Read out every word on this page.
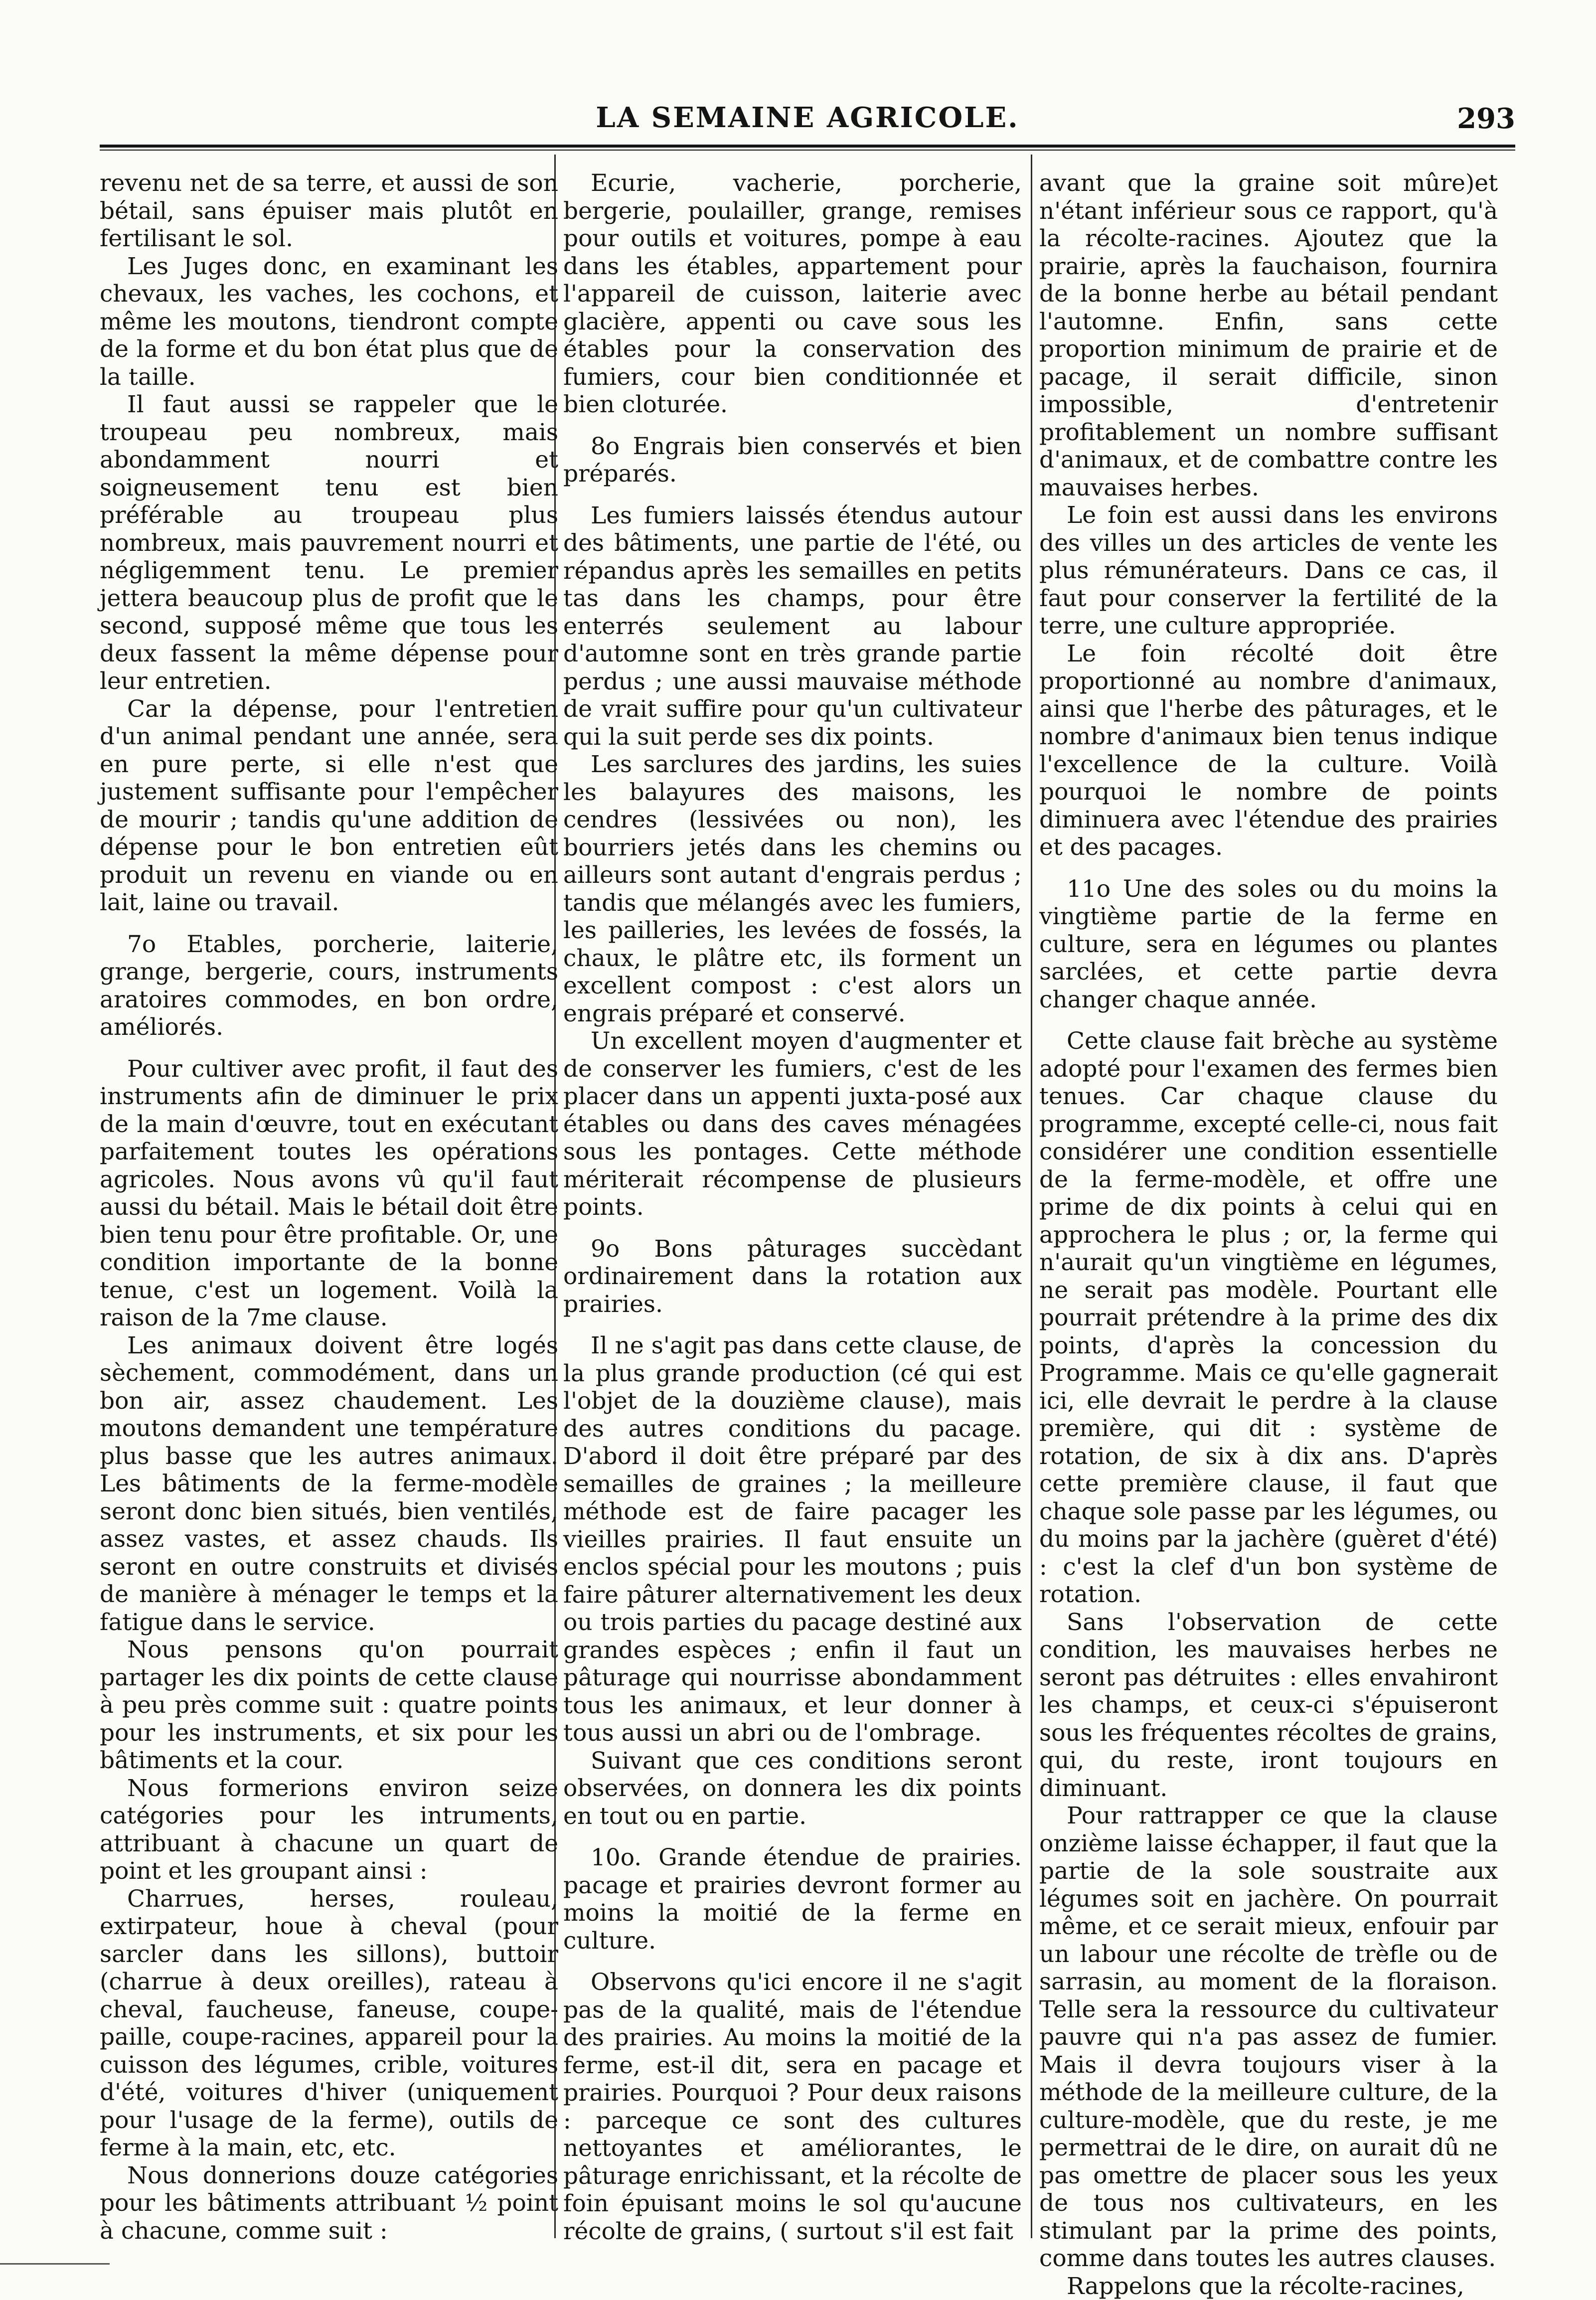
LA SEMAINE AGRICOLE.	293

revenu net de sa terre, et aussi de son bétail, sans épuiser mais plutôt en fertilisant le sol.

Les Juges donc, en examinant les chevaux, les vaches, les cochons, et même les moutons, tiendront compte de la forme et du bon état plus que de la taille.

Il faut aussi se rappeler que le troupeau peu nombreux, mais abondamment nourri et soigneusement tenu est bien préférable au troupeau plus nombreux, mais pauvrement nourri et négligemment tenu. Le premier jettera beaucoup plus de profit que le second, supposé même que tous les deux fassent la même dépense pour leur entretien.

Car la dépense, pour l'entretien d'un animal pendant une année, sera en pure perte, si elle n'est que justement suffisante pour l'empêcher de mourir ; tandis qu'une addition de dépense pour le bon entretien eût produit un revenu en viande ou en lait, laine ou travail.

7o Etables, porcherie, laiterie, grange, bergerie, cours, instruments aratoires commodes, en bon ordre, améliorés.

Pour cultiver avec profit, il faut des instruments afin de diminuer le prix de la main d'œuvre, tout en exécutant parfaitement toutes les opérations agricoles. Nous avons vû qu'il faut aussi du bétail. Mais le bétail doit être bien tenu pour être profitable. Or, une condition importante de la bonne tenue, c'est un logement. Voilà la raison de la 7me clause.

Les animaux doivent être logés sèchement, commodément, dans un bon air, assez chaudement. Les moutons demandent une température plus basse que les autres animaux. Les bâtiments de la ferme-modèle seront donc bien situés, bien ventilés, assez vastes, et assez chauds. Ils seront en outre construits et divisés de manière à ménager le temps et la fatigue dans le service.

Nous pensons qu'on pourrait partager les dix points de cette clause à peu près comme suit : quatre points pour les instruments, et six pour les bâtiments et la cour.

Nous formerions environ seize catégories pour les intruments, attribuant à chacune un quart de point et les groupant ainsi :

Charrues, herses, rouleau, extirpateur, houe à cheval (pour sarcler dans les sillons), buttoir (charrue à deux oreilles), rateau à cheval, faucheuse, faneuse, coupe-paille, coupe-racines, appareil pour la cuisson des légumes, crible, voitures d'été, voitures d'hiver (uniquement pour l'usage de la ferme), outils de ferme à la main, etc, etc.

Nous donnerions douze catégories pour les bâtiments attribuant ½ point à chacune, comme suit :

Ecurie, vacherie, porcherie, bergerie, poulailler, grange, remises pour outils et voitures, pompe à eau dans les étables, appartement pour l'appareil de cuisson, laiterie avec glacière, appenti ou cave sous les étables pour la conservation des fumiers, cour bien conditionnée et bien cloturée.

8o Engrais bien conservés et bien préparés.

Les fumiers laissés étendus autour des bâtiments, une partie de l'été, ou répandus après les semailles en petits tas dans les champs, pour être enterrés seulement au labour d'automne sont en très grande partie perdus ; une aussi mauvaise méthode de vrait suffire pour qu'un cultivateur qui la suit perde ses dix points.

Les sarclures des jardins, les suies les balayures des maisons, les cendres (lessivées ou non), les bourriers jetés dans les chemins ou ailleurs sont autant d'engrais perdus ; tandis que mélangés avec les fumiers, les pailleries, les levées de fossés, la chaux, le plâtre etc, ils forment un excellent compost : c'est alors un engrais préparé et conservé.

Un excellent moyen d'augmenter et de conserver les fumiers, c'est de les placer dans un appenti juxta-posé aux étables ou dans des caves ménagées sous les pontages. Cette méthode mériterait récompense de plusieurs points.

9o Bons pâturages succèdant ordinairement dans la rotation aux prairies.

Il ne s'agit pas dans cette clause, de la plus grande production (cé qui est l'objet de la douzième clause), mais des autres conditions du pacage. D'abord il doit être préparé par des semailles de graines ; la meilleure méthode est de faire pacager les vieilles prairies. Il faut ensuite un enclos spécial pour les moutons ; puis faire pâturer alternativement les deux ou trois parties du pacage destiné aux grandes espèces ; enfin il faut un pâturage qui nourrisse abondamment tous les animaux, et leur donner à tous aussi un abri ou de l'ombrage.

Suivant que ces conditions seront observées, on donnera les dix points en tout ou en partie.

10o. Grande étendue de prairies. pacage et prairies devront former au moins la moitié de la ferme en culture.

Observons qu'ici encore il ne s'agit pas de la qualité, mais de l'étendue des prairies. Au moins la moitié de la ferme, est-il dit, sera en pacage et prairies. Pourquoi ? Pour deux raisons : parceque ce sont des cultures nettoyantes et améliorantes, le pâturage enrichissant, et la récolte de foin épuisant moins le sol qu'aucune récolte de grains, ( surtout s'il est fait

avant que la graine soit mûre)et n'étant inférieur sous ce rapport, qu'à la récolte-racines. Ajoutez que la prairie, après la fauchaison, fournira de la bonne herbe au bétail pendant l'automne. Enfin, sans cette proportion minimum de prairie et de pacage, il serait difficile, sinon impossible, d'entretenir profitablement un nombre suffisant d'animaux, et de combattre contre les mauvaises herbes.

Le foin est aussi dans les environs des villes un des articles de vente les plus rémunérateurs. Dans ce cas, il faut pour conserver la fertilité de la terre, une culture appropriée.

Le foin récolté doit être proportionné au nombre d'animaux, ainsi que l'herbe des pâturages, et le nombre d'animaux bien tenus indique l'excellence de la culture. Voilà pourquoi le nombre de points diminuera avec l'étendue des prairies et des pacages.

11o Une des soles ou du moins la vingtième partie de la ferme en culture, sera en légumes ou plantes sarclées, et cette partie devra changer chaque année.

Cette clause fait brèche au système adopté pour l'examen des fermes bien tenues. Car chaque clause du programme, excepté celle-ci, nous fait considérer une condition essentielle de la ferme-modèle, et offre une prime de dix points à celui qui en approchera le plus ; or, la ferme qui n'aurait qu'un vingtième en légumes, ne serait pas modèle. Pourtant elle pourrait prétendre à la prime des dix points, d'après la concession du Programme. Mais ce qu'elle gagnerait ici, elle devrait le perdre à la clause première, qui dit : système de rotation, de six à dix ans. D'après cette première clause, il faut que chaque sole passe par les légumes, ou du moins par la jachère (guèret d'été) : c'est la clef d'un bon système de rotation.

Sans l'observation de cette condition, les mauvaises herbes ne seront pas détruites : elles envahiront les champs, et ceux-ci s'épuiseront sous les fréquentes récoltes de grains, qui, du reste, iront toujours en diminuant.

Pour rattrapper ce que la clause onzième laisse échapper, il faut que la partie de la sole soustraite aux légumes soit en jachère. On pourrait même, et ce serait mieux, enfouir par un labour une récolte de trèfle ou de sarrasin, au moment de la floraison. Telle sera la ressource du cultivateur pauvre qui n'a pas assez de fumier. Mais il devra toujours viser à la méthode de la meilleure culture, de la culture-modèle, que du reste, je me permettrai de le dire, on aurait dû ne pas omettre de placer sous les yeux de tous nos cultivateurs, en les stimulant par la prime des points, comme dans toutes les autres clauses.

Rappelons que la récolte-racines,
